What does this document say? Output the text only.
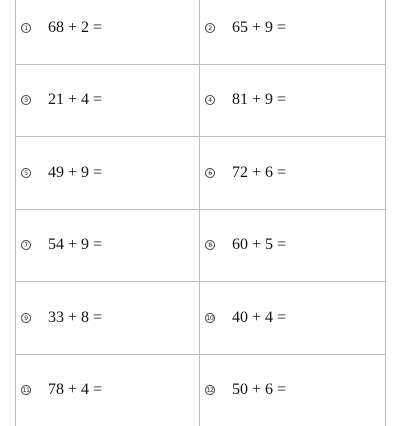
1 68 + 2 =	2 65 + 9 =
3 21 + 4 =	4 81 + 9 =
5 49 + 9 =	6 72 + 6 =
7 54 + 9 =	8 60 + 5 =
9 33 + 8 =	10 40 + 4 =
11 78 + 4 =	12 50 + 6 =
